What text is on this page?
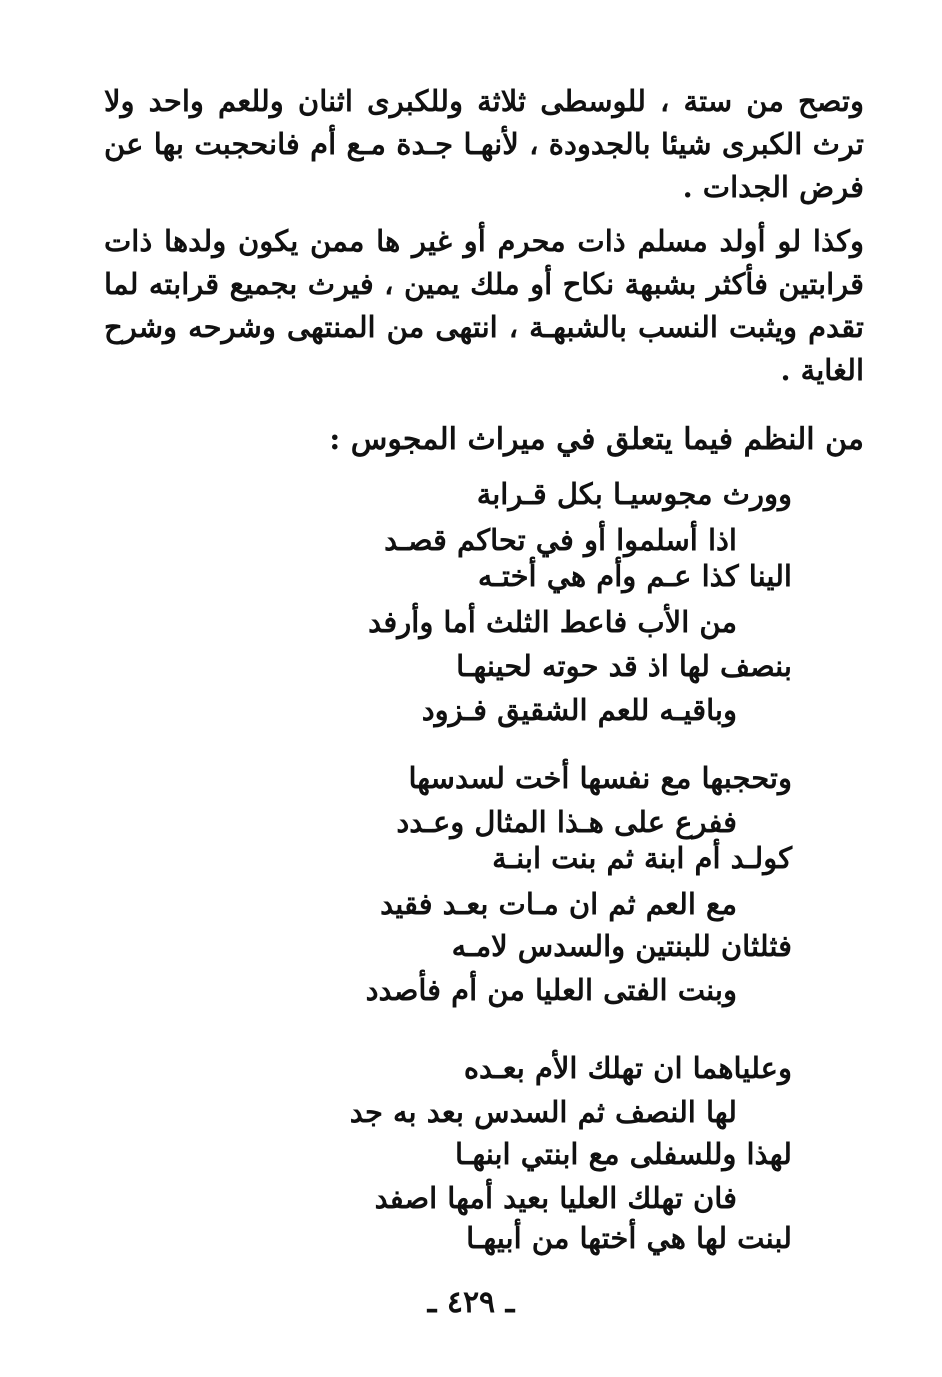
وتصح من ستة ، للوسطى ثلاثة وللكبرى اثنان وللعم واحد ولا ترث الكبرى شيئا بالجدودة ، لأنهـا جـدة مـع أم فانحجبت بها عن فرض الجدات .
وكذا لو أولد مسلم ذات محرم أو غير ها ممن يكون ولدها ذات قرابتين فأكثر بشبهة نكاح أو ملك يمين ، فيرث بجميع قرابته لما تقدم ويثبت النسب بالشبهـة ، انتهى من المنتهى وشرحه وشرح الغاية .
من النظم فيما يتعلق في ميراث المجوس :
وورث مجوسيـا بكل قـرابة
اذا أسلموا أو في تحاكم قصـد
الينا كذا عـم وأم هي أختـه
من الأب فاعط الثلث أما وأرفد
بنصف لها اذ قد حوته لحينهـا
وباقيـه للعم الشقيق فـزود
وتحجبها مع نفسها أخت لسدسها
ففرع على هـذا المثال وعـدد
كولـد أم ابنة ثم بنت ابنـة
مع العم ثم ان مـات بعـد فقيد
فثلثان للبنتين والسدس لامـه
وبنت الفتى العليا من أم فأصدد
وعلياهما ان تهلك الأم بعـده
لها النصف ثم السدس بعد به جد
لهذا وللسفلى مع ابنتي ابنهـا
فان تهلك العليا بعيد أمها اصفد
لبنت لها هي أختها من أبيهـا
ـ ٤٢٩ ـ
